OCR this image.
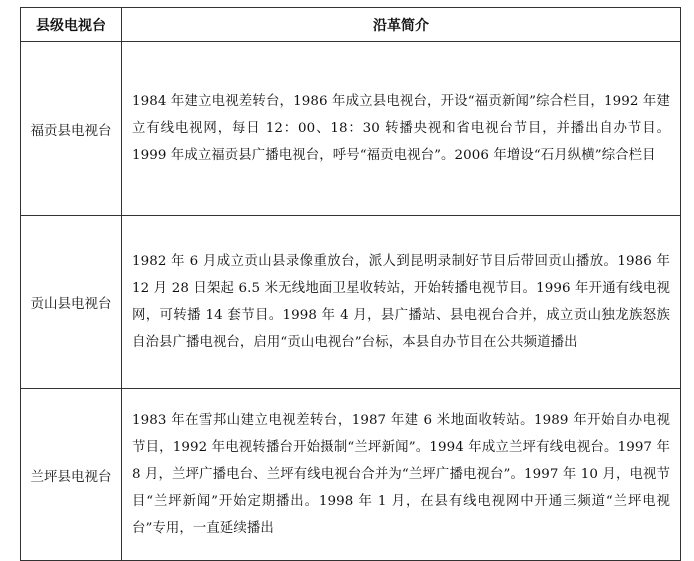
县级电视台	沿革简介
福贡县电视台	1984 年建立电视差转台，1986 年成立县电视台，开设“福贡新闻”综合栏目，1992 年建立有线电视网，每日 12：00、18：30 转播央视和省电视台节目，并播出自办节目。1999 年成立福贡县广播电视台，呼号“福贡电视台”。2006 年增设“石月纵横”综合栏目
贡山县电视台	1982 年 6 月成立贡山县录像重放台，派人到昆明录制好节目后带回贡山播放。1986 年 12 月 28 日架起 6.5 米无线地面卫星收转站，开始转播电视节目。1996 年开通有线电视网，可转播 14 套节目。1998 年 4 月，县广播站、县电视台合并，成立贡山独龙族怒族自治县广播电视台，启用“贡山电视台”台标，本县自办节目在公共频道播出
兰坪县电视台	1983 年在雪邦山建立电视差转台，1987 年建 6 米地面收转站。1989 年开始自办电视节目，1992 年电视转播台开始摄制“兰坪新闻”。1994 年成立兰坪有线电视台。1997 年 8 月，兰坪广播电台、兰坪有线电视台合并为“兰坪广播电视台”。1997 年 10 月，电视节目“兰坪新闻”开始定期播出。1998 年 1 月，在县有线电视网中开通三频道“兰坪电视台”专用，一直延续播出
